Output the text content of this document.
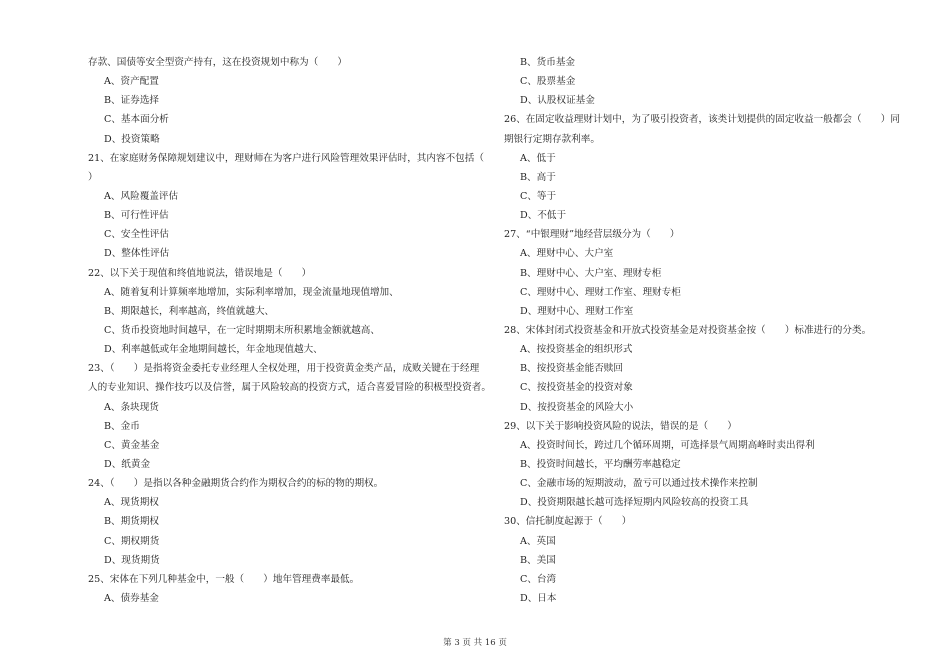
存款、国债等安全型资产持有，这在投资规划中称为（　　）
A、资产配置
B、证券选择
C、基本面分析
D、投资策略
21、在家庭财务保障规划建议中，理财师在为客户进行风险管理效果评估时，其内容不包括（
）
A、风险覆盖评估
B、可行性评估
C、安全性评估
D、整体性评估
22、以下关于现值和终值地说法，错误地是（　　）
A、随着复利计算频率地增加，实际利率增加，现金流量地现值增加、
B、期限越长，利率越高，终值就越大、
C、货币投资地时间越早，在一定时期期末所积累地金额就越高、
D、利率越低或年金地期间越长，年金地现值越大、
23、（　　）是指将资金委托专业经理人全权处理，用于投资黄金类产品，成败关键在于经理
人的专业知识、操作技巧以及信誉，属于风险较高的投资方式，适合喜爱冒险的积极型投资者。
A、条块现货
B、金币
C、黄金基金
D、纸黄金
24、（　　）是指以各种金融期货合约作为期权合约的标的物的期权。
A、现货期权
B、期货期权
C、期权期货
D、现货期货
25、宋体在下列几种基金中，一般（　　）地年管理费率最低。
A、债券基金
B、货币基金
C、股票基金
D、认股权证基金
26、在固定收益理财计划中，为了吸引投资者，该类计划提供的固定收益一般都会（　　）同
期银行定期存款利率。
A、低于
B、高于
C、等于
D、不低于
27、“中银理财”地经营层级分为（　　）
A、理财中心、大户室
B、理财中心、大户室、理财专柜
C、理财中心、理财工作室、理财专柜
D、理财中心、理财工作室
28、宋体封闭式投资基金和开放式投资基金是对投资基金按（　　）标准进行的分类。
A、按投资基金的组织形式
B、按投资基金能否赎回
C、按投资基金的投资对象
D、按投资基金的风险大小
29、以下关于影响投资风险的说法，错误的是（　　）
A、投资时间长，跨过几个循环周期，可选择景气周期高峰时卖出得利
B、投资时间越长，平均酬劳率越稳定
C、金融市场的短期波动，盈亏可以通过技术操作来控制
D、投资期限越长越可选择短期内风险较高的投资工具
30、信托制度起源于（　　）
A、英国
B、美国
C、台湾
D、日本
第 3 页 共 16 页
